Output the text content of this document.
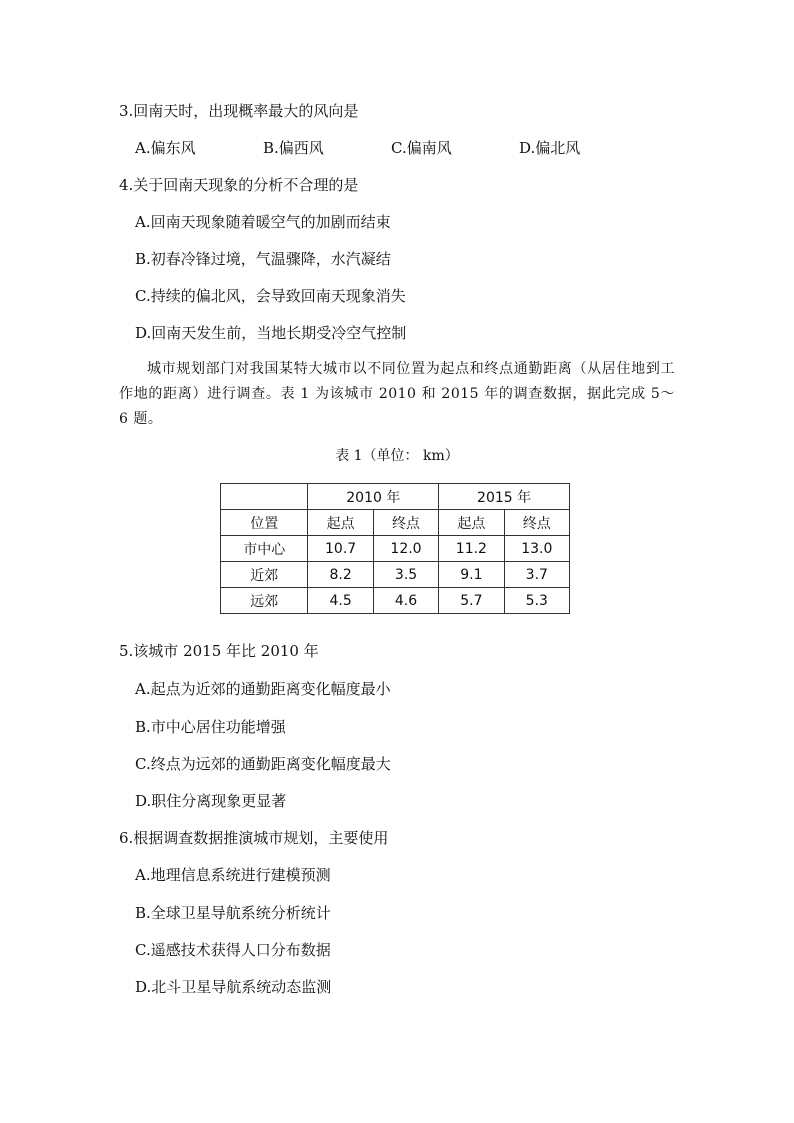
3.回南天时，出现概率最大的风向是
A.偏东风	B.偏西风	C.偏南风	D.偏北风
4.关于回南天现象的分析不合理的是
A.回南天现象随着暖空气的加剧而结束
B.初春冷锋过境，气温骤降，水汽凝结
C.持续的偏北风，会导致回南天现象消失
D.回南天发生前，当地长期受冷空气控制
城市规划部门对我国某特大城市以不同位置为起点和终点通勤距离（从居住地到工作地的距离）进行调查。表 1 为该城市 2010 和 2015 年的调查数据，据此完成 5～6 题。
表 1（单位： km）
	2010 年		2015 年	
位置	起点	终点	起点	终点
市中心	10.7	12.0	11.2	13.0
近郊	8.2	3.5	9.1	3.7
远郊	4.5	4.6	5.7	5.3
5.该城市 2015 年比 2010 年
A.起点为近郊的通勤距离变化幅度最小
B.市中心居住功能增强
C.终点为远郊的通勤距离变化幅度最大
D.职住分离现象更显著
6.根据调查数据推演城市规划，主要使用
A.地理信息系统进行建模预测
B.全球卫星导航系统分析统计
C.遥感技术获得人口分布数据
D.北斗卫星导航系统动态监测
